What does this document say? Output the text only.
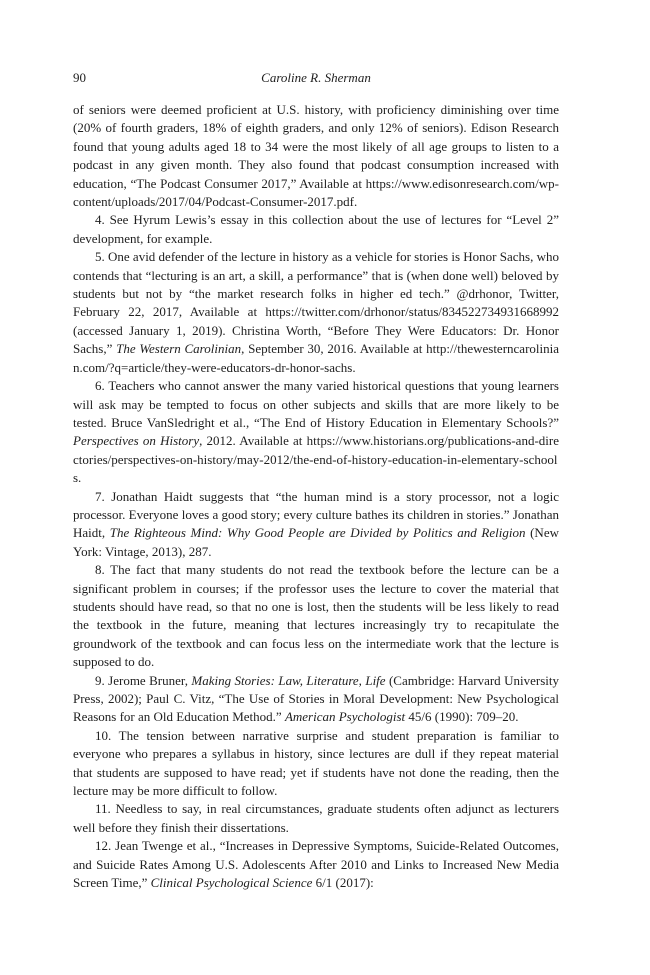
90	Caroline R. Sherman

of seniors were deemed proficient at U.S. history, with proficiency diminishing over time (20% of fourth graders, 18% of eighth graders, and only 12% of seniors). Edison Research found that young adults aged 18 to 34 were the most likely of all age groups to listen to a podcast in any given month. They also found that podcast consumption increased with education, “The Podcast Consumer 2017,” Available at https://www.edisonresearch.com/wp-content/uploads/2017/04/Podcast-Consumer-2017.pdf.

4. See Hyrum Lewis’s essay in this collection about the use of lectures for “Level 2” development, for example.

5. One avid defender of the lecture in history as a vehicle for stories is Honor Sachs, who contends that “lecturing is an art, a skill, a performance” that is (when done well) beloved by students but not by “the market research folks in higher ed tech.” @drhonor, Twitter, February 22, 2017, Available at https://twitter.com/drhonor/status/834522734931668992 (accessed January 1, 2019). Christina Worth, “Before They Were Educators: Dr. Honor Sachs,” The Western Carolinian, September 30, 2016. Available at http://thewesterncarolinian.com/?q=article/they-were-educators-dr-honor-sachs.

6. Teachers who cannot answer the many varied historical questions that young learners will ask may be tempted to focus on other subjects and skills that are more likely to be tested. Bruce VanSledright et al., “The End of History Education in Elementary Schools?” Perspectives on History, 2012. Available at https://www.historians.org/publications-and-directories/perspectives-on-history/may-2012/the-end-of-history-education-in-elementary-schools.

7. Jonathan Haidt suggests that “the human mind is a story processor, not a logic processor. Everyone loves a good story; every culture bathes its children in stories.” Jonathan Haidt, The Righteous Mind: Why Good People are Divided by Politics and Religion (New York: Vintage, 2013), 287.

8. The fact that many students do not read the textbook before the lecture can be a significant problem in courses; if the professor uses the lecture to cover the material that students should have read, so that no one is lost, then the students will be less likely to read the textbook in the future, meaning that lectures increasingly try to recapitulate the groundwork of the textbook and can focus less on the intermediate work that the lecture is supposed to do.

9. Jerome Bruner, Making Stories: Law, Literature, Life (Cambridge: Harvard University Press, 2002); Paul C. Vitz, “The Use of Stories in Moral Development: New Psychological Reasons for an Old Education Method.” American Psychologist 45/6 (1990): 709–20.

10. The tension between narrative surprise and student preparation is familiar to everyone who prepares a syllabus in history, since lectures are dull if they repeat material that students are supposed to have read; yet if students have not done the reading, then the lecture may be more difficult to follow.

11. Needless to say, in real circumstances, graduate students often adjunct as lecturers well before they finish their dissertations.

12. Jean Twenge et al., “Increases in Depressive Symptoms, Suicide-Related Outcomes, and Suicide Rates Among U.S. Adolescents After 2010 and Links to Increased New Media Screen Time,” Clinical Psychological Science 6/1 (2017):
